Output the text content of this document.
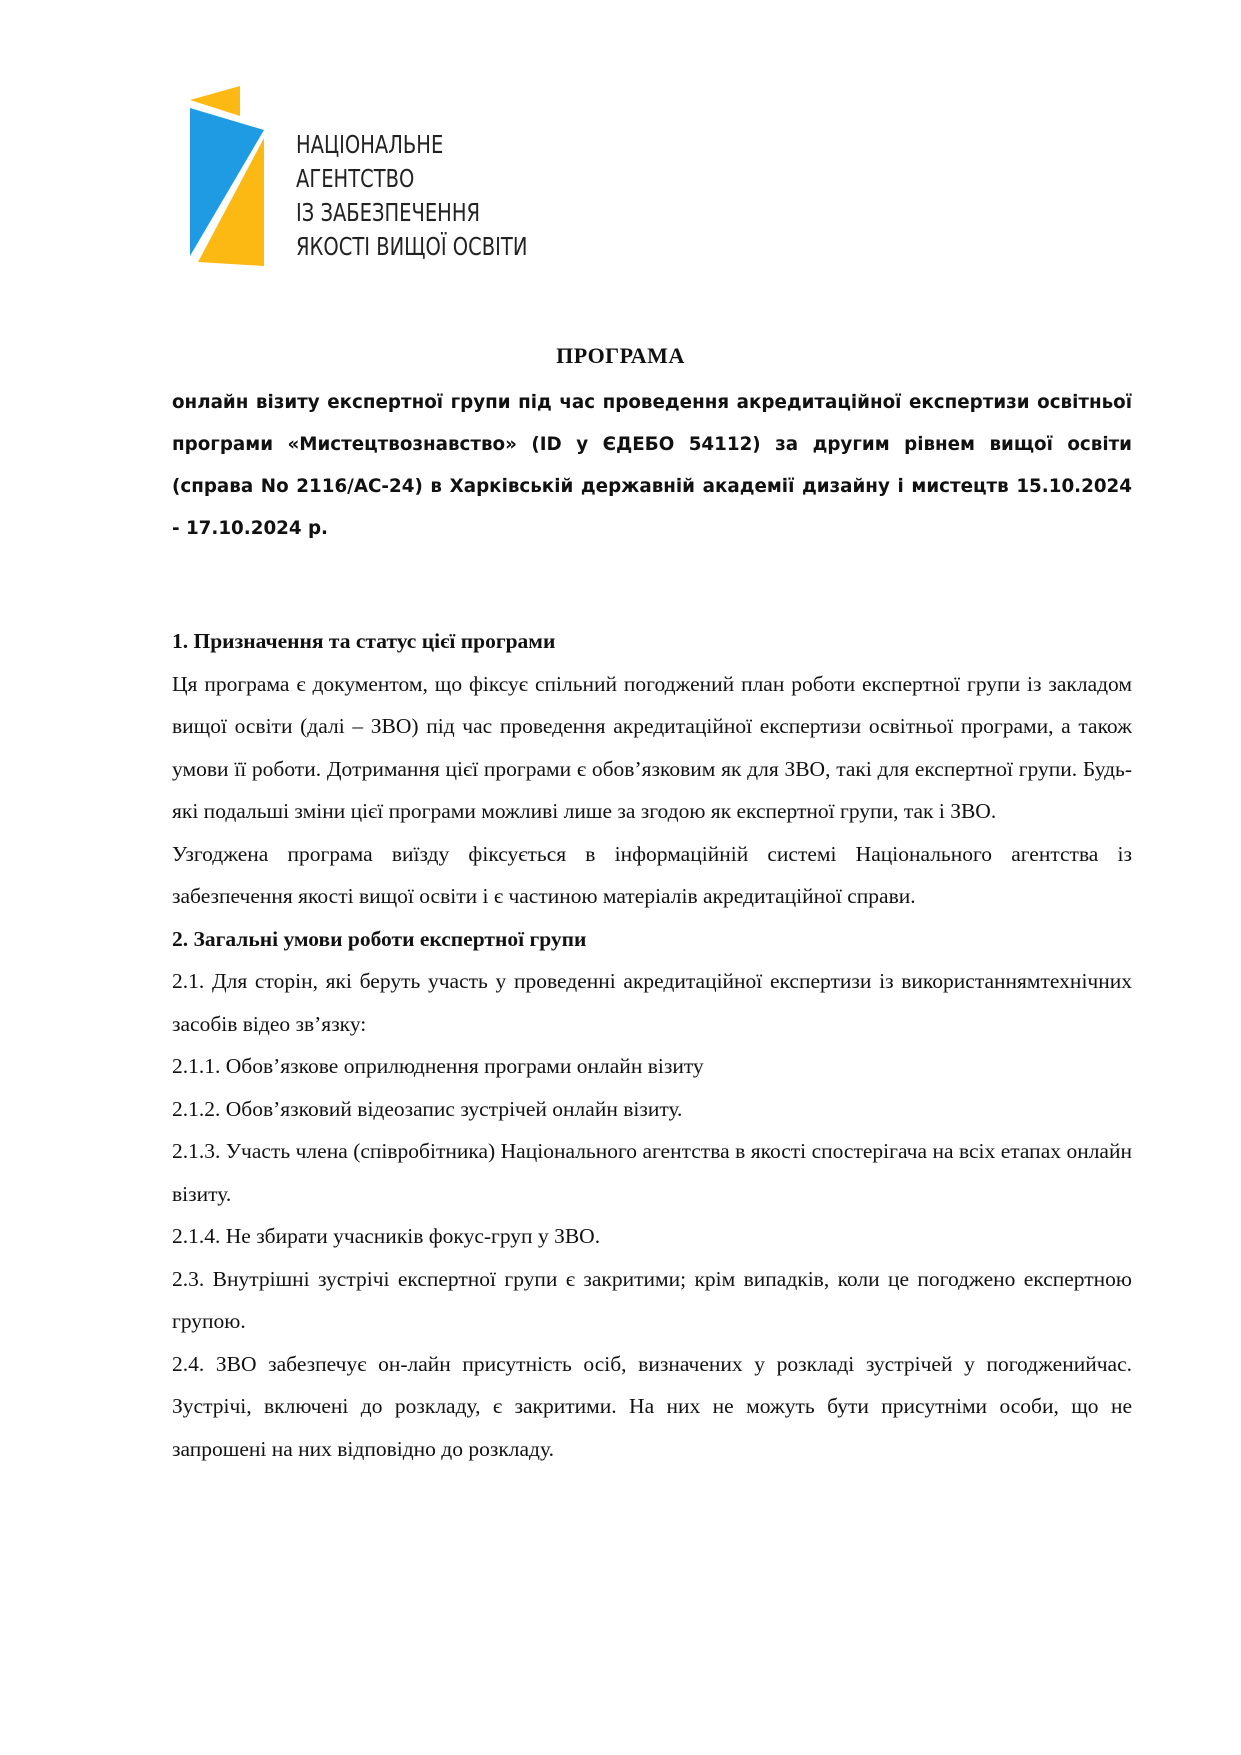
НАЦІОНАЛЬНЕ
АГЕНТСТВО
ІЗ ЗАБЕЗПЕЧЕННЯ
ЯКОСТІ ВИЩОЇ ОСВІТИ
ПРОГРАМА
онлайн візиту експертної групи під час проведення акредитаційної експертизи освітньої програми «Мистецтвознавство» (ID у ЄДЕБО 54112) за другим рівнем вищої освіти (справа No 2116/АС-24) в Харківській державній академії дизайну і мистецтв 15.10.2024 - 17.10.2024 р.

1. Призначення та статус цієї програми

Ця програма є документом, що фіксує спільний погоджений план роботи експертної групи із закладом вищої освіти (далі – ЗВО) під час проведення акредитаційної експертизи освітньої програми, а також умови її роботи. Дотримання цієї програми є обов’язковим як для ЗВО, такі для експертної групи. Будь-які подальші зміни цієї програми можливі лише за згодою як експертної групи, так і ЗВО.

Узгоджена програма виїзду фіксується в інформаційній системі Національного агентства із забезпечення якості вищої освіти і є частиною матеріалів акредитаційної справи.

2. Загальні умови роботи експертної групи

2.1. Для сторін, які беруть участь у проведенні акредитаційної експертизи із використаннямтехнічних засобів відео зв’язку:

2.1.1. Обов’язкове оприлюднення програми онлайн візиту

2.1.2. Обов’язковий відеозапис зустрічей онлайн візиту.

2.1.3. Участь члена (співробітника) Національного агентства в якості спостерігача на всіх етапах онлайн візиту.

2.1.4. Не збирати учасників фокус-груп у ЗВО.

2.3. Внутрішні зустрічі експертної групи є закритими; крім випадків, коли це погоджено експертною групою.

2.4. ЗВО забезпечує он-лайн присутність осіб, визначених у розкладі зустрічей у погодженийчас. Зустрічі, включені до розкладу, є закритими. На них не можуть бути присутніми особи, що не запрошені на них відповідно до розкладу.
